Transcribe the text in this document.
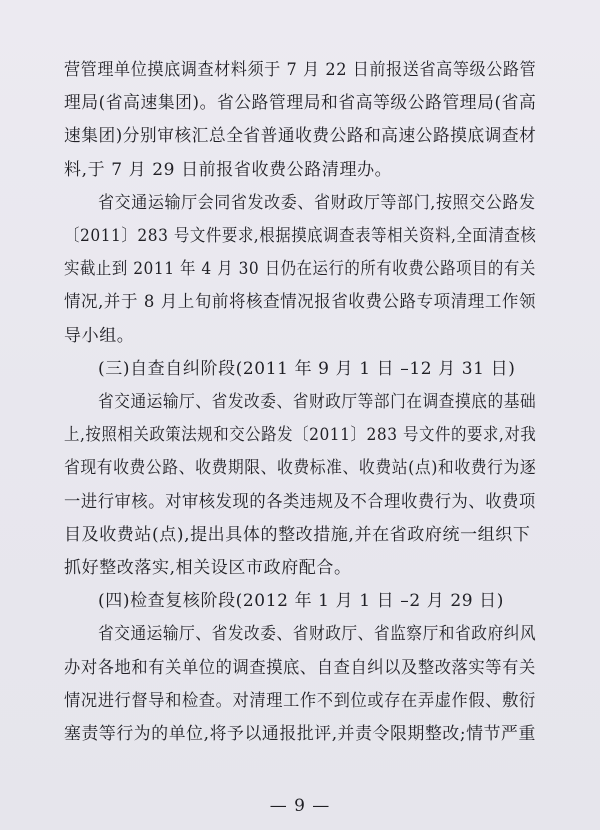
营管理单位摸底调查材料须于 7 月 22 日前报送省高等级公路管
理局(省高速集团)。省公路管理局和省高等级公路管理局(省高
速集团)分别审核汇总全省普通收费公路和高速公路摸底调查材
料,于 7 月 29 日前报省收费公路清理办。
省交通运输厅会同省发改委、省财政厅等部门,按照交公路发
〔2011〕283 号文件要求,根据摸底调查表等相关资料,全面清查核
实截止到 2011 年 4 月 30 日仍在运行的所有收费公路项目的有关
情况,并于 8 月上旬前将核查情况报省收费公路专项清理工作领
导小组。
(三)自查自纠阶段(2011 年 9 月 1 日 –12 月 31 日)
省交通运输厅、省发改委、省财政厅等部门在调查摸底的基础
上,按照相关政策法规和交公路发〔2011〕283 号文件的要求,对我
省现有收费公路、收费期限、收费标准、收费站(点)和收费行为逐
一进行审核。对审核发现的各类违规及不合理收费行为、收费项
目及收费站(点),提出具体的整改措施,并在省政府统一组织下
抓好整改落实,相关设区市政府配合。
(四)检查复核阶段(2012 年 1 月 1 日 –2 月 29 日)
省交通运输厅、省发改委、省财政厅、省监察厅和省政府纠风
办对各地和有关单位的调查摸底、自查自纠以及整改落实等有关
情况进行督导和检查。对清理工作不到位或存在弄虚作假、敷衍
塞责等行为的单位,将予以通报批评,并责令限期整改;情节严重
— 9 —
